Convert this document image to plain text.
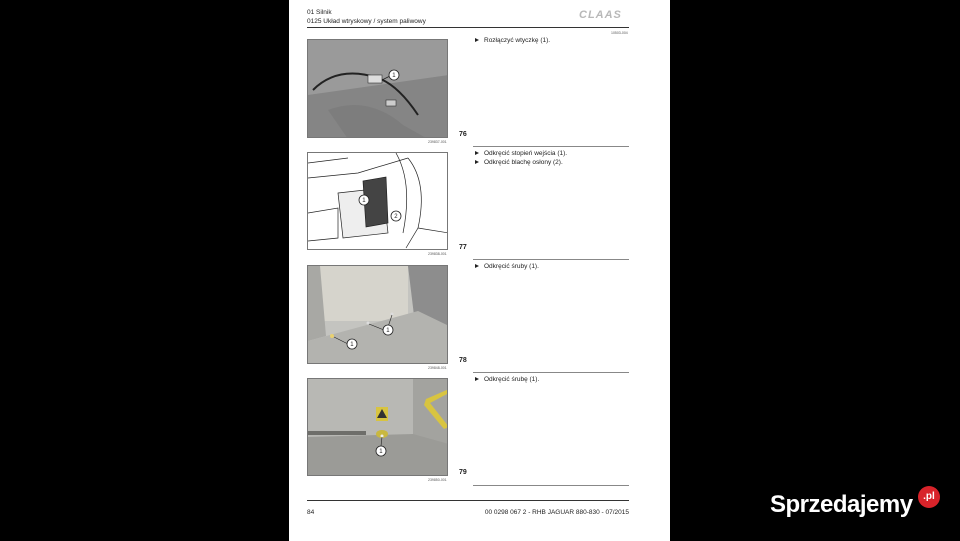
01 Silnik
0125 Układ wtryskowy / system paliwowy
CLAAS
10503-004
1
239837-001
76
Rozłączyć wtyczkę (1).
1
2
239838-001
77
Odkręcić stopień wejścia (1).
Odkręcić blachę osłony (2).
1
1
239848-001
78
Odkręcić śruby (1).
1
239850-001
79
Odkręcić śrubę (1).
84	00 0298 067 2 - RHB JAGUAR 880-830 - 07/2015	Sprzedajemy	.pl
